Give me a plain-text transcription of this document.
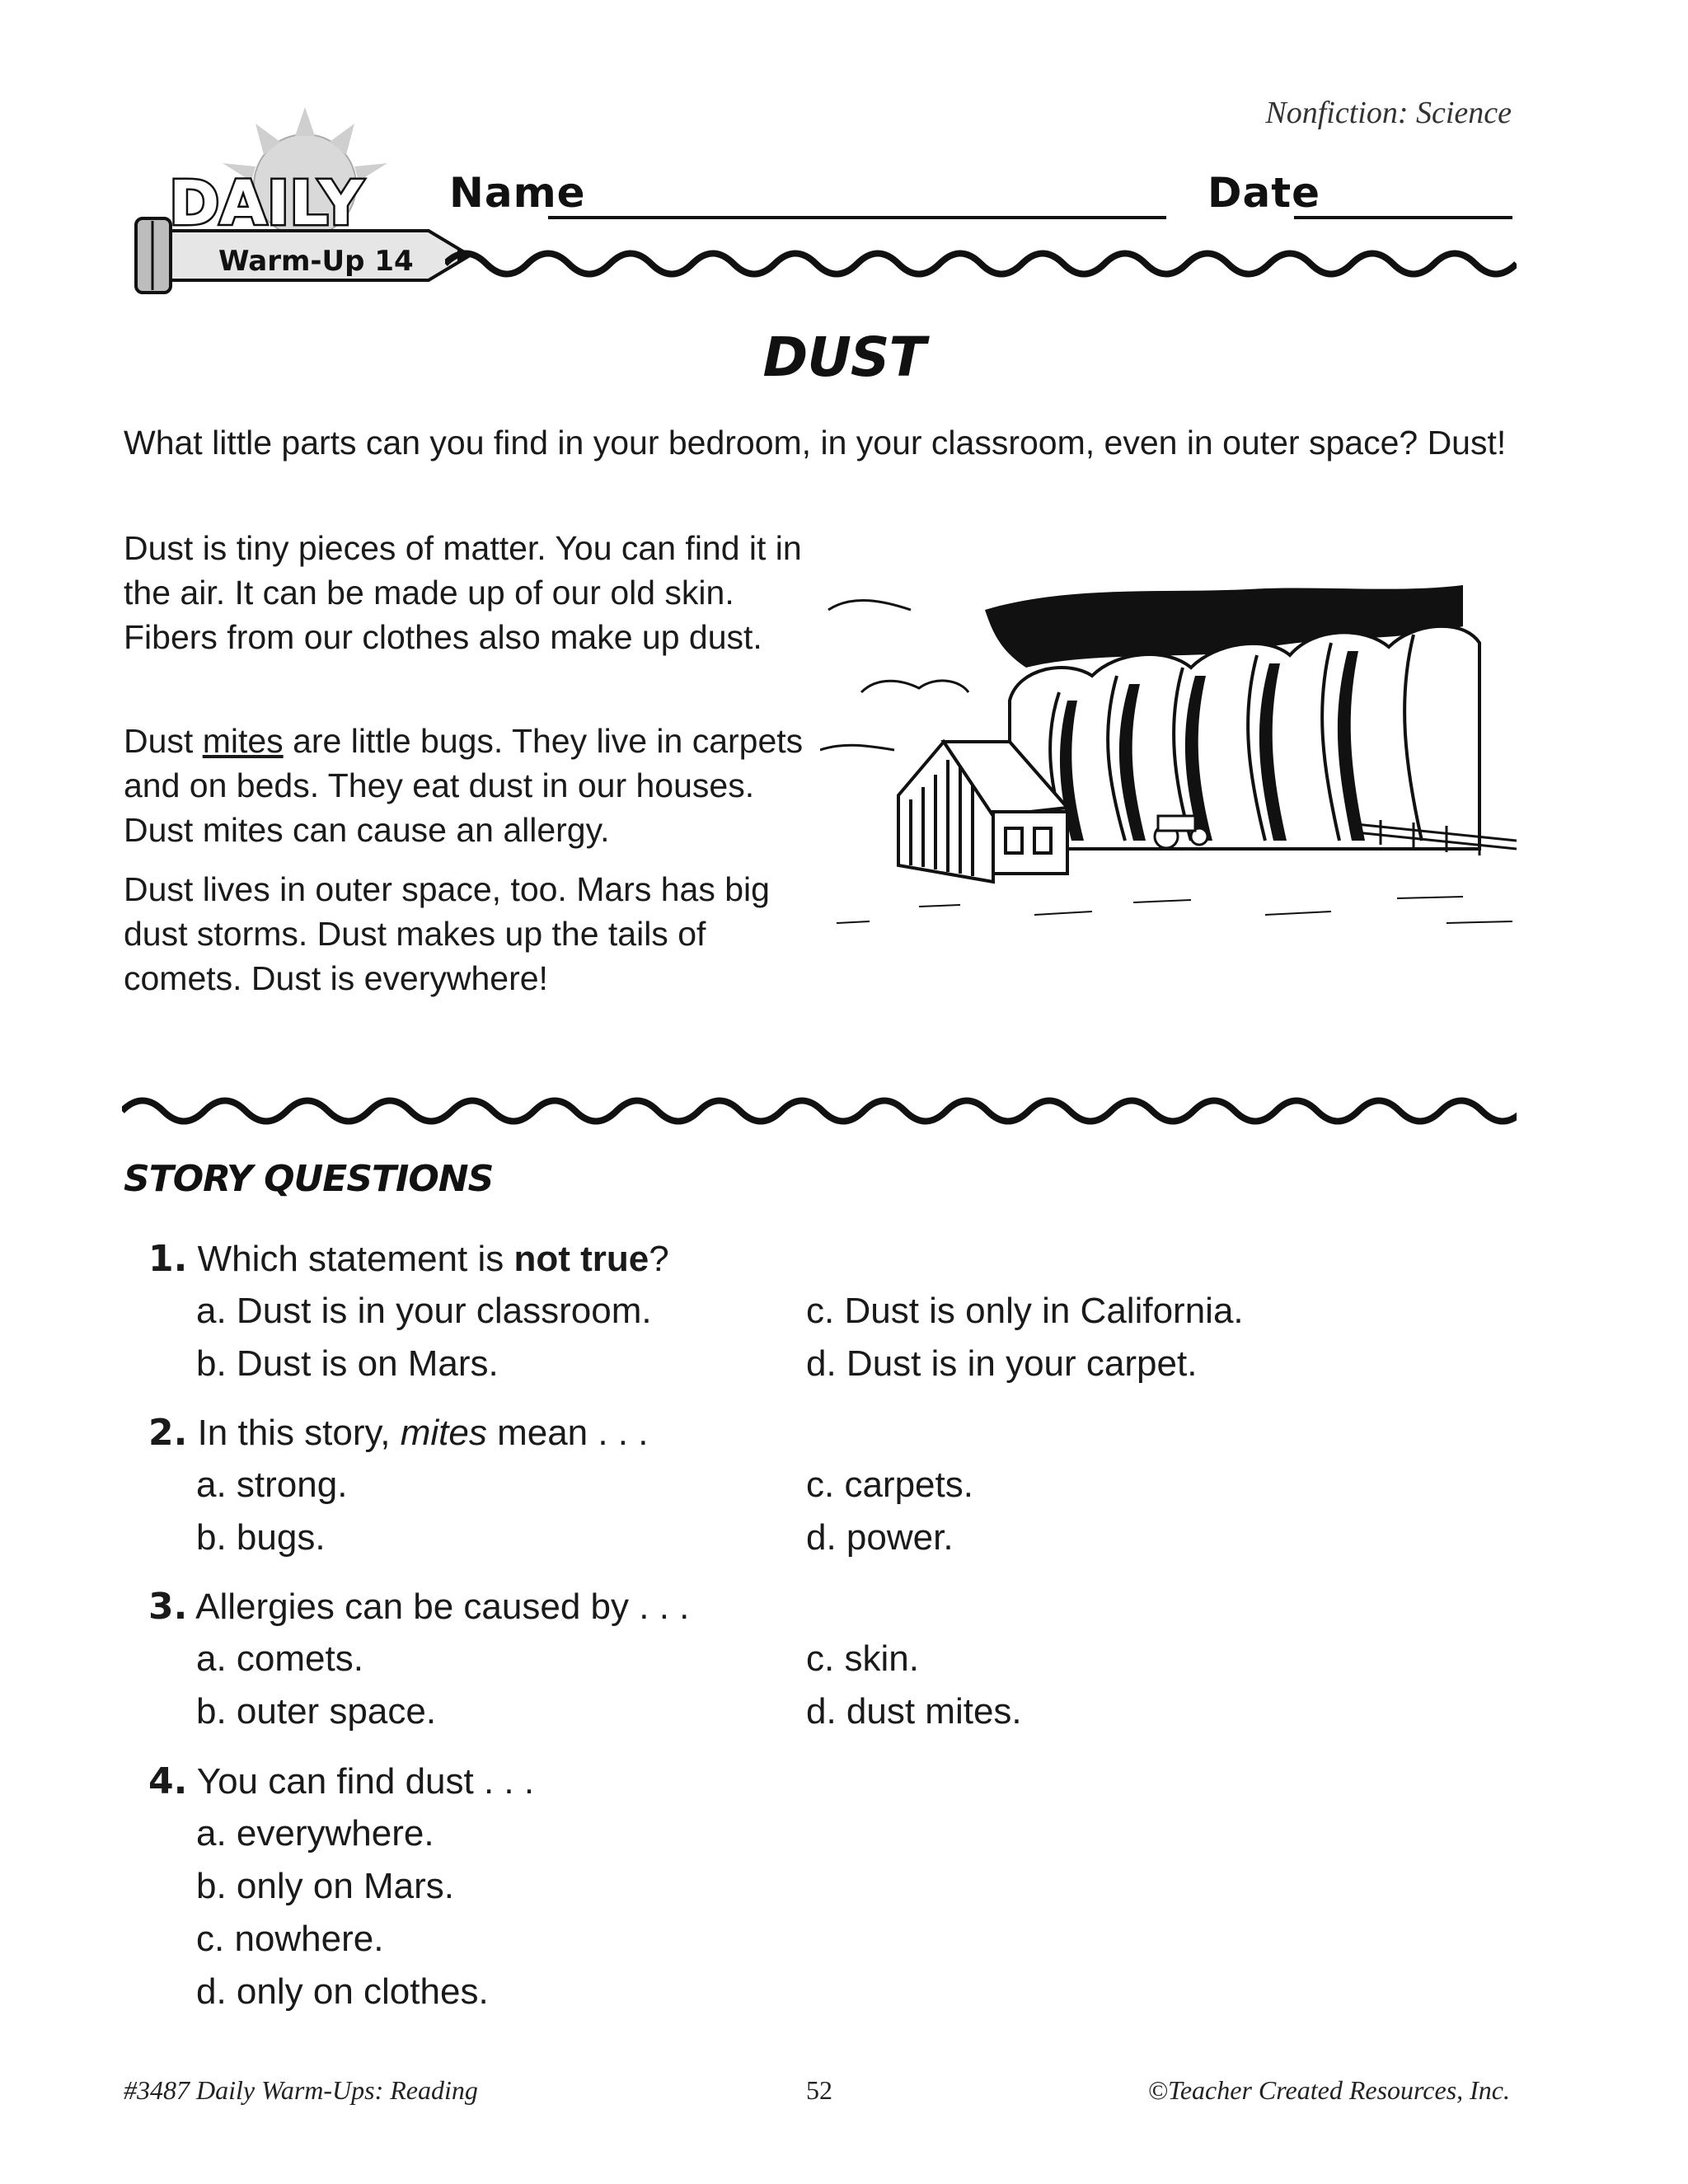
Nonfiction: Science
DAILY
Warm-Up 14
Name	Date
DUST

What little parts can you find in your bedroom, in your classroom, even in outer space? Dust!

Dust is tiny pieces of matter. You can find it in the air. It can be made up of our old skin. Fibers from our clothes also make up dust.

Dust mites are little bugs. They live in carpets and on beds. They eat dust in our houses. Dust mites can cause an allergy.

Dust lives in outer space, too. Mars has big dust storms. Dust makes up the tails of comets. Dust is everywhere!

STORY QUESTIONS
1. Which statement is not true?
a. Dust is in your classroom.
b. Dust is on Mars.
c. Dust is only in California.
d. Dust is in your carpet.
2. In this story, mites mean . . .
a. strong.
b. bugs.
c. carpets.
d. power.
3. Allergies can be caused by . . .
a. comets.
b. outer space.
c. skin.
d. dust mites.
4. You can find dust . . .
a. everywhere.
b. only on Mars.
c. nowhere.
d. only on clothes.
#3487 Daily Warm-Ups: Reading	52	©Teacher Created Resources, Inc.
